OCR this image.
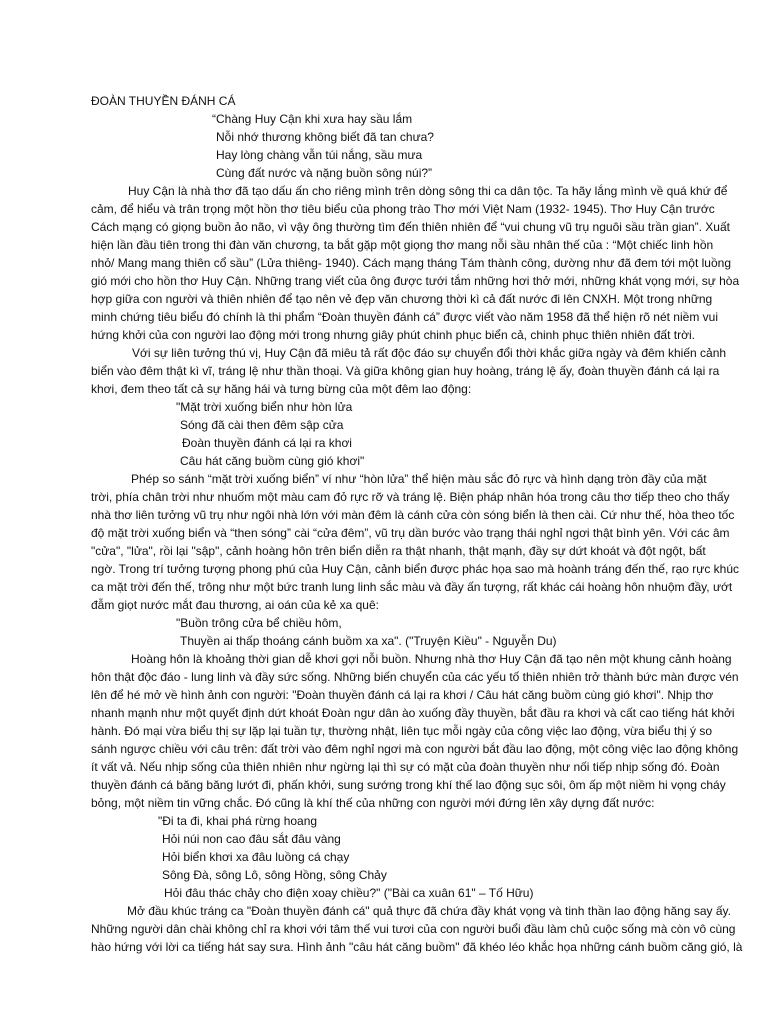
ĐOÀN THUYỀN ĐÁNH CÁ
“Chàng Huy Cận khi xưa hay sầu lắm
Nỗi nhớ thương không biết đã tan chưa?
Hay lòng chàng vẫn túi nắng, sầu mưa
Cùng đất nước và nặng buồn sông núi?”
Huy Cận là nhà thơ đã tạo dấu ấn cho riêng mình trên dòng sông thi ca dân tộc. Ta hãy lắng mình về quá khứ để
cảm, để hiểu và trân trọng một hồn thơ tiêu biểu của phong trào Thơ mới Việt Nam (1932- 1945). Thơ Huy Cận trước
Cách mạng có giọng buồn ảo não, vì vậy ông thường tìm đến thiên nhiên để “vui chung vũ trụ nguôi sầu trần gian”. Xuất
hiện lần đầu tiên trong thi đàn văn chương, ta bắt gặp một giọng thơ mang nỗi sầu nhân thế của : “Một chiếc linh hồn
nhỏ/ Mang mang thiên cổ sầu” (Lửa thiêng- 1940). Cách mạng tháng Tám thành công, dường như đã đem tới một luồng
gió mới cho hồn thơ Huy Cận. Những trang viết của ông được tưới tắm những hơi thở mới, những khát vọng mới, sự hòa
hợp giữa con người và thiên nhiên để tạo nên vẻ đẹp văn chương thời kì cả đất nước đi lên CNXH. Một trong những
minh chứng tiêu biểu đó chính là thi phẩm “Đoàn thuyền đánh cá” được viết vào năm 1958 đã thể hiện rõ nét niềm vui
hứng khởi của con người lao động mới trong nhưng giây phút chinh phục biển cả, chinh phục thiên nhiên đất trời.
Với sự liên tưởng thú vị, Huy Cận đã miêu tả rất độc đáo sự chuyển đổi thời khắc giữa ngày và đêm khiến cảnh
biển vào đêm thật kì vĩ, tráng lệ như thần thoại. Và giữa không gian huy hoàng, tráng lệ ấy, đoàn thuyền đánh cá lại ra
khơi, đem theo tất cả sự hăng hái và tưng bừng của một đêm lao động:
"Mặt trời xuống biển như hòn lửa
Sóng đã cài then đêm sập cửa
Đoàn thuyền đánh cá lại ra khơi
Câu hát căng buồm cùng gió khơi"
Phép so sánh “mặt trời xuống biển” ví như “hòn lửa” thể hiện màu sắc đỏ rực và hình dạng tròn đầy của mặt
trời, phía chân trời như nhuốm một màu cam đỏ rực rỡ và tráng lệ. Biện pháp nhân hóa trong câu thơ tiếp theo cho thấy
nhà thơ liên tưởng vũ trụ như ngôi nhà lớn với màn đêm là cánh cửa còn sóng biển là then cài. Cứ như thế, hòa theo tốc
độ mặt trời xuống biển và “then sóng” cài “cửa đêm”, vũ trụ dần bước vào trạng thái nghỉ ngơi thật bình yên. Với các âm
"cửa", "lửa", rồi lại "sập", cảnh hoàng hôn trên biển diễn ra thật nhanh, thật mạnh, đầy sự dứt khoát và đột ngột, bất
ngờ. Trong trí tưởng tượng phong phú của Huy Cận, cảnh biển được phác họa sao mà hoành tráng đến thế, rạo rực khúc
ca mặt trời đến thế, trông như một bức tranh lung linh sắc màu và đầy ấn tượng, rất khác cái hoàng hôn nhuộm đầy, ướt
đẫm giọt nước mắt đau thương, ai oán của kẻ xa quê:
"Buồn trông cửa bể chiều hôm,
Thuyền ai thấp thoáng cánh buồm xa xa". ("Truyện Kiều" - Nguyễn Du)
Hoàng hôn là khoảng thời gian dễ khơi gợi nỗi buồn. Nhưng nhà thơ Huy Cận đã tạo nên một khung cảnh hoàng
hôn thật độc đáo - lung linh và đầy sức sống. Những biến chuyển của các yếu tố thiên nhiên trở thành bức màn được vén
lên để hé mở về hình ảnh con người: "Đoàn thuyền đánh cá lại ra khơi / Câu hát căng buồm cùng gió khơi". Nhịp thơ
nhanh mạnh như một quyết định dứt khoát Đoàn ngư dân ào xuống đầy thuyền, bắt đầu ra khơi và cất cao tiếng hát khởi
hành. Đó mại vừa biểu thị sự lặp lại tuần tự, thường nhật, liên tục mỗi ngày của công việc lao động, vừa biểu thị ý so
sánh ngược chiều với câu trên: đất trời vào đêm nghỉ ngơi mà con người bắt đầu lao động, một công việc lao động không
ít vất vả. Nếu nhịp sống của thiên nhiên như ngừng lại thì sự có mặt của đoàn thuyền như nối tiếp nhịp sống đó. Đoàn
thuyền đánh cá băng băng lướt đi, phấn khởi, sung sướng trong khí thế lao động sục sôi, ôm ấp một niềm hi vọng cháy
bỏng, một niềm tin vững chắc. Đó cũng là khí thế của những con người mới đứng lên xây dựng đất nước:
"Đi ta đi, khai phá rừng hoang
Hỏi núi non cao đâu sắt đâu vàng
Hỏi biển khơi xa đâu luồng cá chạy
Sông Đà, sông Lô, sông Hồng, sông Chảy
Hỏi đâu thác chảy cho điện xoay chiều?" ("Bài ca xuân 61" – Tố Hữu)
Mở đầu khúc tráng ca "Đoàn thuyền đánh cá" quả thực đã chứa đầy khát vọng và tinh thần lao động hăng say ấy.
Những người dân chài không chỉ ra khơi với tâm thế vui tươi của con người buổi đầu làm chủ cuộc sống mà còn vô cùng
hào hứng với lời ca tiếng hát say sưa. Hình ảnh "câu hát căng buồm" đã khéo léo khắc họa những cánh buồm căng gió, là
